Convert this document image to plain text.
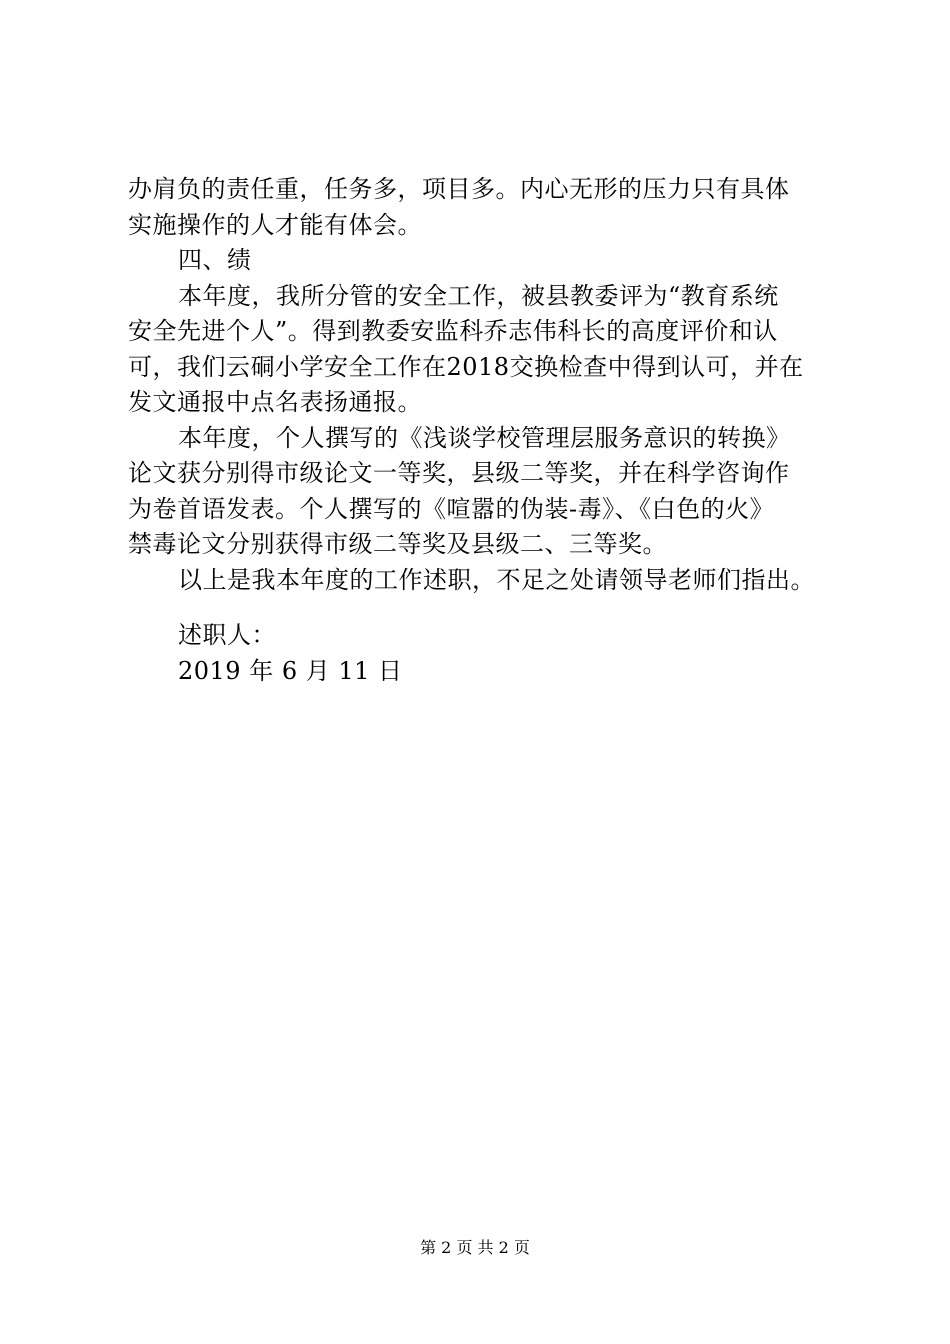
办肩负的责任重，任务多，项目多。内心无形的压力只有具体
实施操作的人才能有体会。
四、绩
本年度，我所分管的安全工作，被县教委评为“教育系统
安全先进个人”。得到教委安监科乔志伟科长的高度评价和认
可，我们云硐小学安全工作在2018交换检查中得到认可，并在
发文通报中点名表扬通报。
本年度，个人撰写的《浅谈学校管理层服务意识的转换》
论文获分别得市级论文一等奖，县级二等奖，并在科学咨询作
为卷首语发表。个人撰写的《喧嚣的伪装-毒》、《白色的火》
禁毒论文分别获得市级二等奖及县级二、三等奖。
以上是我本年度的工作述职，不足之处请领导老师们指出。
述职人：
2019 年 6 月 11 日
第 2 页 共 2 页
